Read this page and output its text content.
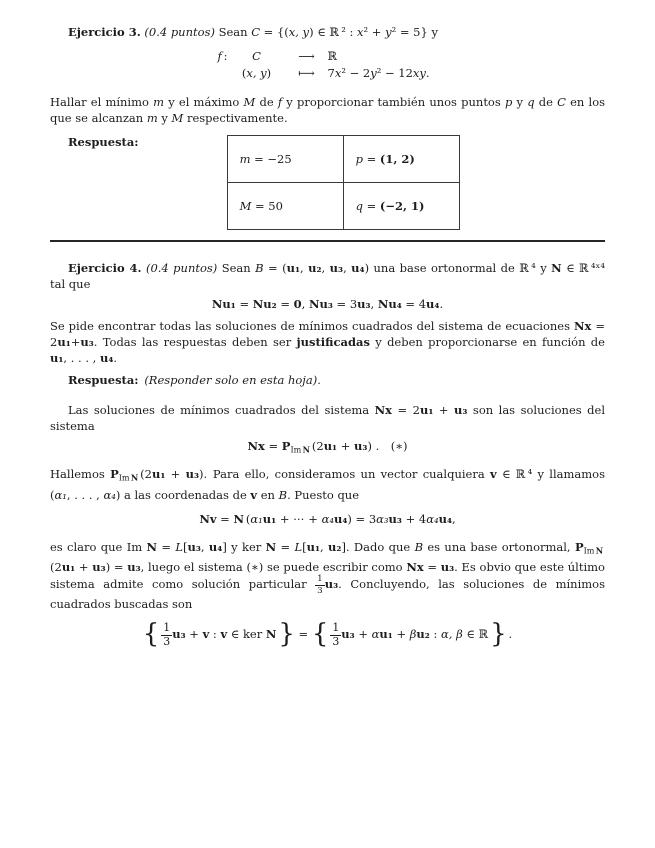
Ejercicio 3. (0.4 puntos) Sean C = {(x, y) ∈ ℝ ² : x² + y² = 5} y

f :	C	⟶	ℝ
(x, y)	⟼	7x² − 2y² − 12xy.

Hallar el mínimo m y el máximo M de f y proporcionar también unos puntos p y q de C en los que se alcanzan m y M respectivamente.

Respuesta:
m = −25	p = (1, 2)
M = 50	q = (−2, 1)

Ejercicio 4. (0.4 puntos) Sean B = (u₁, u₂, u₃, u₄) una base ortonormal de ℝ ⁴ y N ∈ ℝ ⁴ˣ⁴ tal que

Nu₁ = Nu₂ = 0, Nu₃ = 3u₃, Nu₄ = 4u₄.

Se pide encontrar todas las soluciones de mínimos cuadrados del sistema de ecuaciones Nx = 2u₁+u₃. Todas las respuestas deben ser justificadas y deben proporcionarse en función de u₁, . . . , u₄.

Respuesta:  (Responder solo en esta hoja).

Las soluciones de mínimos cuadrados del sistema Nx = 2u₁ + u₃ son las soluciones del sistema

$Nx = P_{Im}$ $_N$ (2u₁ + u₃) . (∗)

Hallemos $P_{Im}$ $_N$ (2u₁ + u₃). Para ello, consideramos un vector cualquiera v ∈ ℝ ⁴ y llamamos (α₁, . . . , α₄) a las coordenadas de v en B. Puesto que

Nv = N (α₁u₁ + ⋯ + α₄u₄) = 3α₃u₃ + 4α₄u₄,

es claro que Im N = L[u₃, u₄] y ker N = L[u₁, u₂]. Dado que B es una base ortonormal, $P_{Im}$ $_N$ (2u₁ + u₃) = u₃, luego el sistema (∗) se puede escribir como Nx = u₃. Es obvio que este último sistema admite como solución particular $\frac{1}{3} u_3$. Concluyendo, las soluciones de mínimos cuadrados buscadas son

{  $\frac{1}{3} u_3 + v$ : v ∈ ker N } = {  $\frac{1}{3} u_3 + \alpha u_1 + \beta u_2$ : α, β ∈ ℝ } .
